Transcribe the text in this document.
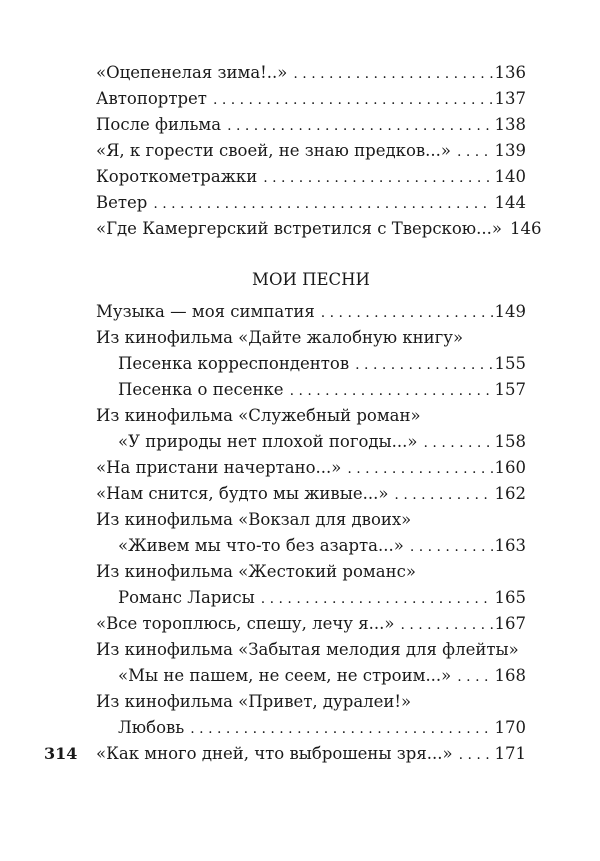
«Оцепенелая зима!..» . . .	136
Автопортрет . . .	137
После фильма . . .	138
«Я, к горести своей, не знаю предков...» . . .	139
Короткометражки . . .	140
Ветер . . .	144
«Где Камергерский встретился с Тверскою...» 146
МОИ ПЕСНИ
Музыка — моя симпатия . . .	149
Из кинофильма «Дайте жалобную книгу»
Песенка корреспондентов . . .	155
Песенка о песенке . . .	157
Из кинофильма «Служебный роман»
«У природы нет плохой погоды...» . . .	158
«На пристани начертано...» . . .	160
«Нам снится, будто мы живые...» . . .	162
Из кинофильма «Вокзал для двоих»
«Живем мы что-то без азарта...» . . .	163
Из кинофильма «Жестокий романс»
Романс Ларисы . . .	165
«Все тороплюсь, спешу, лечу я...» . . .	167
Из кинофильма «Забытая мелодия для флейты»
«Мы не пашем, не сеем, не строим...» . . .	168
Из кинофильма «Привет, дуралеи!»
Любовь . . .	170
«Как много дней, что выброшены зря...» . . .	171
314
